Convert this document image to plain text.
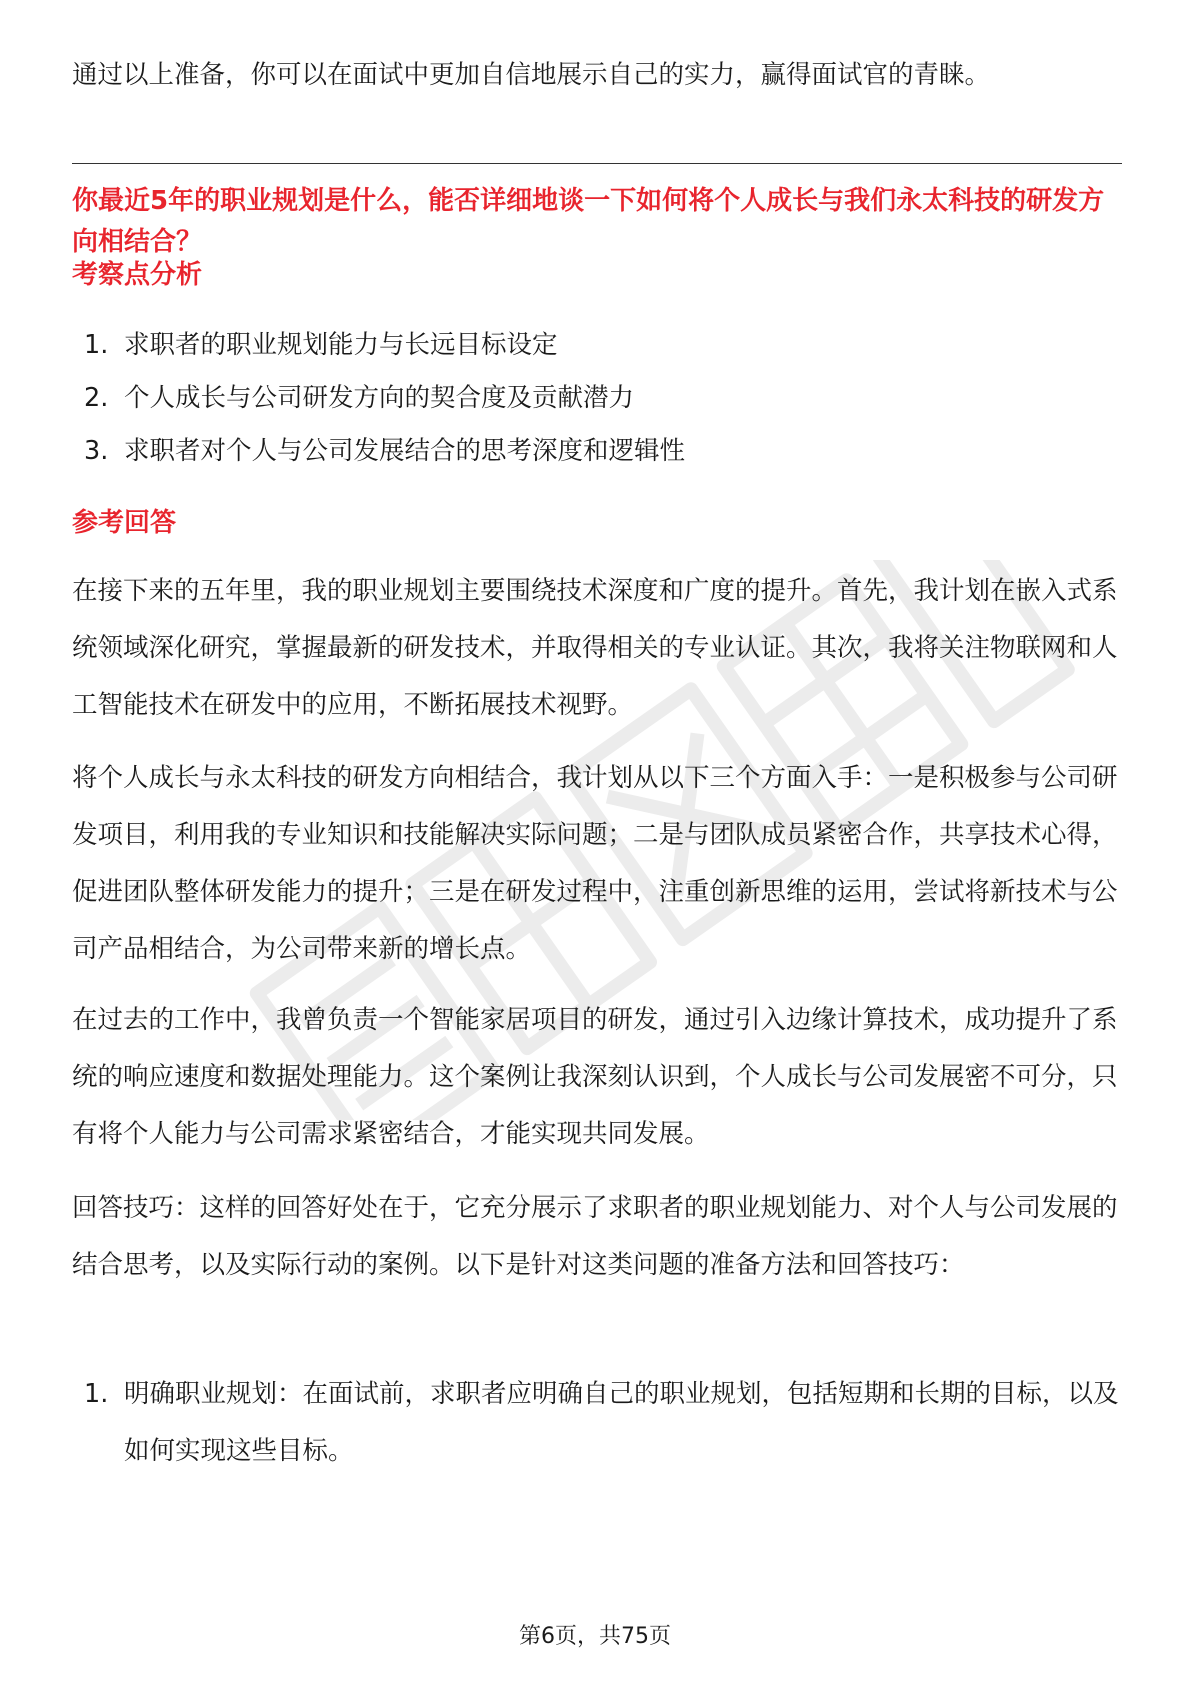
通过以上准备，你可以在面试中更加自信地展示自己的实力，赢得面试官的青睐。

你最近5年的职业规划是什么，能否详细地谈一下如何将个人成长与我们永太科技的研发方向相结合？

考察点分析

1. 求职者的职业规划能力与长远目标设定
2. 个人成长与公司研发方向的契合度及贡献潜力
3. 求职者对个人与公司发展结合的思考深度和逻辑性

参考回答

在接下来的五年里，我的职业规划主要围绕技术深度和广度的提升。首先，我计划在嵌入式系统领域深化研究，掌握最新的研发技术，并取得相关的专业认证。其次，我将关注物联网和人工智能技术在研发中的应用，不断拓展技术视野。

将个人成长与永太科技的研发方向相结合，我计划从以下三个方面入手：一是积极参与公司研发项目，利用我的专业知识和技能解决实际问题；二是与团队成员紧密合作，共享技术心得，促进团队整体研发能力的提升；三是在研发过程中，注重创新思维的运用，尝试将新技术与公司产品相结合，为公司带来新的增长点。

在过去的工作中，我曾负责一个智能家居项目的研发，通过引入边缘计算技术，成功提升了系统的响应速度和数据处理能力。这个案例让我深刻认识到，个人成长与公司发展密不可分，只有将个人能力与公司需求紧密结合，才能实现共同发展。

回答技巧：这样的回答好处在于，它充分展示了求职者的职业规划能力、对个人与公司发展的结合思考，以及实际行动的案例。以下是针对这类问题的准备方法和回答技巧：

1. 明确职业规划：在面试前，求职者应明确自己的职业规划，包括短期和长期的目标，以及如何实现这些目标。
第6页，共75页
